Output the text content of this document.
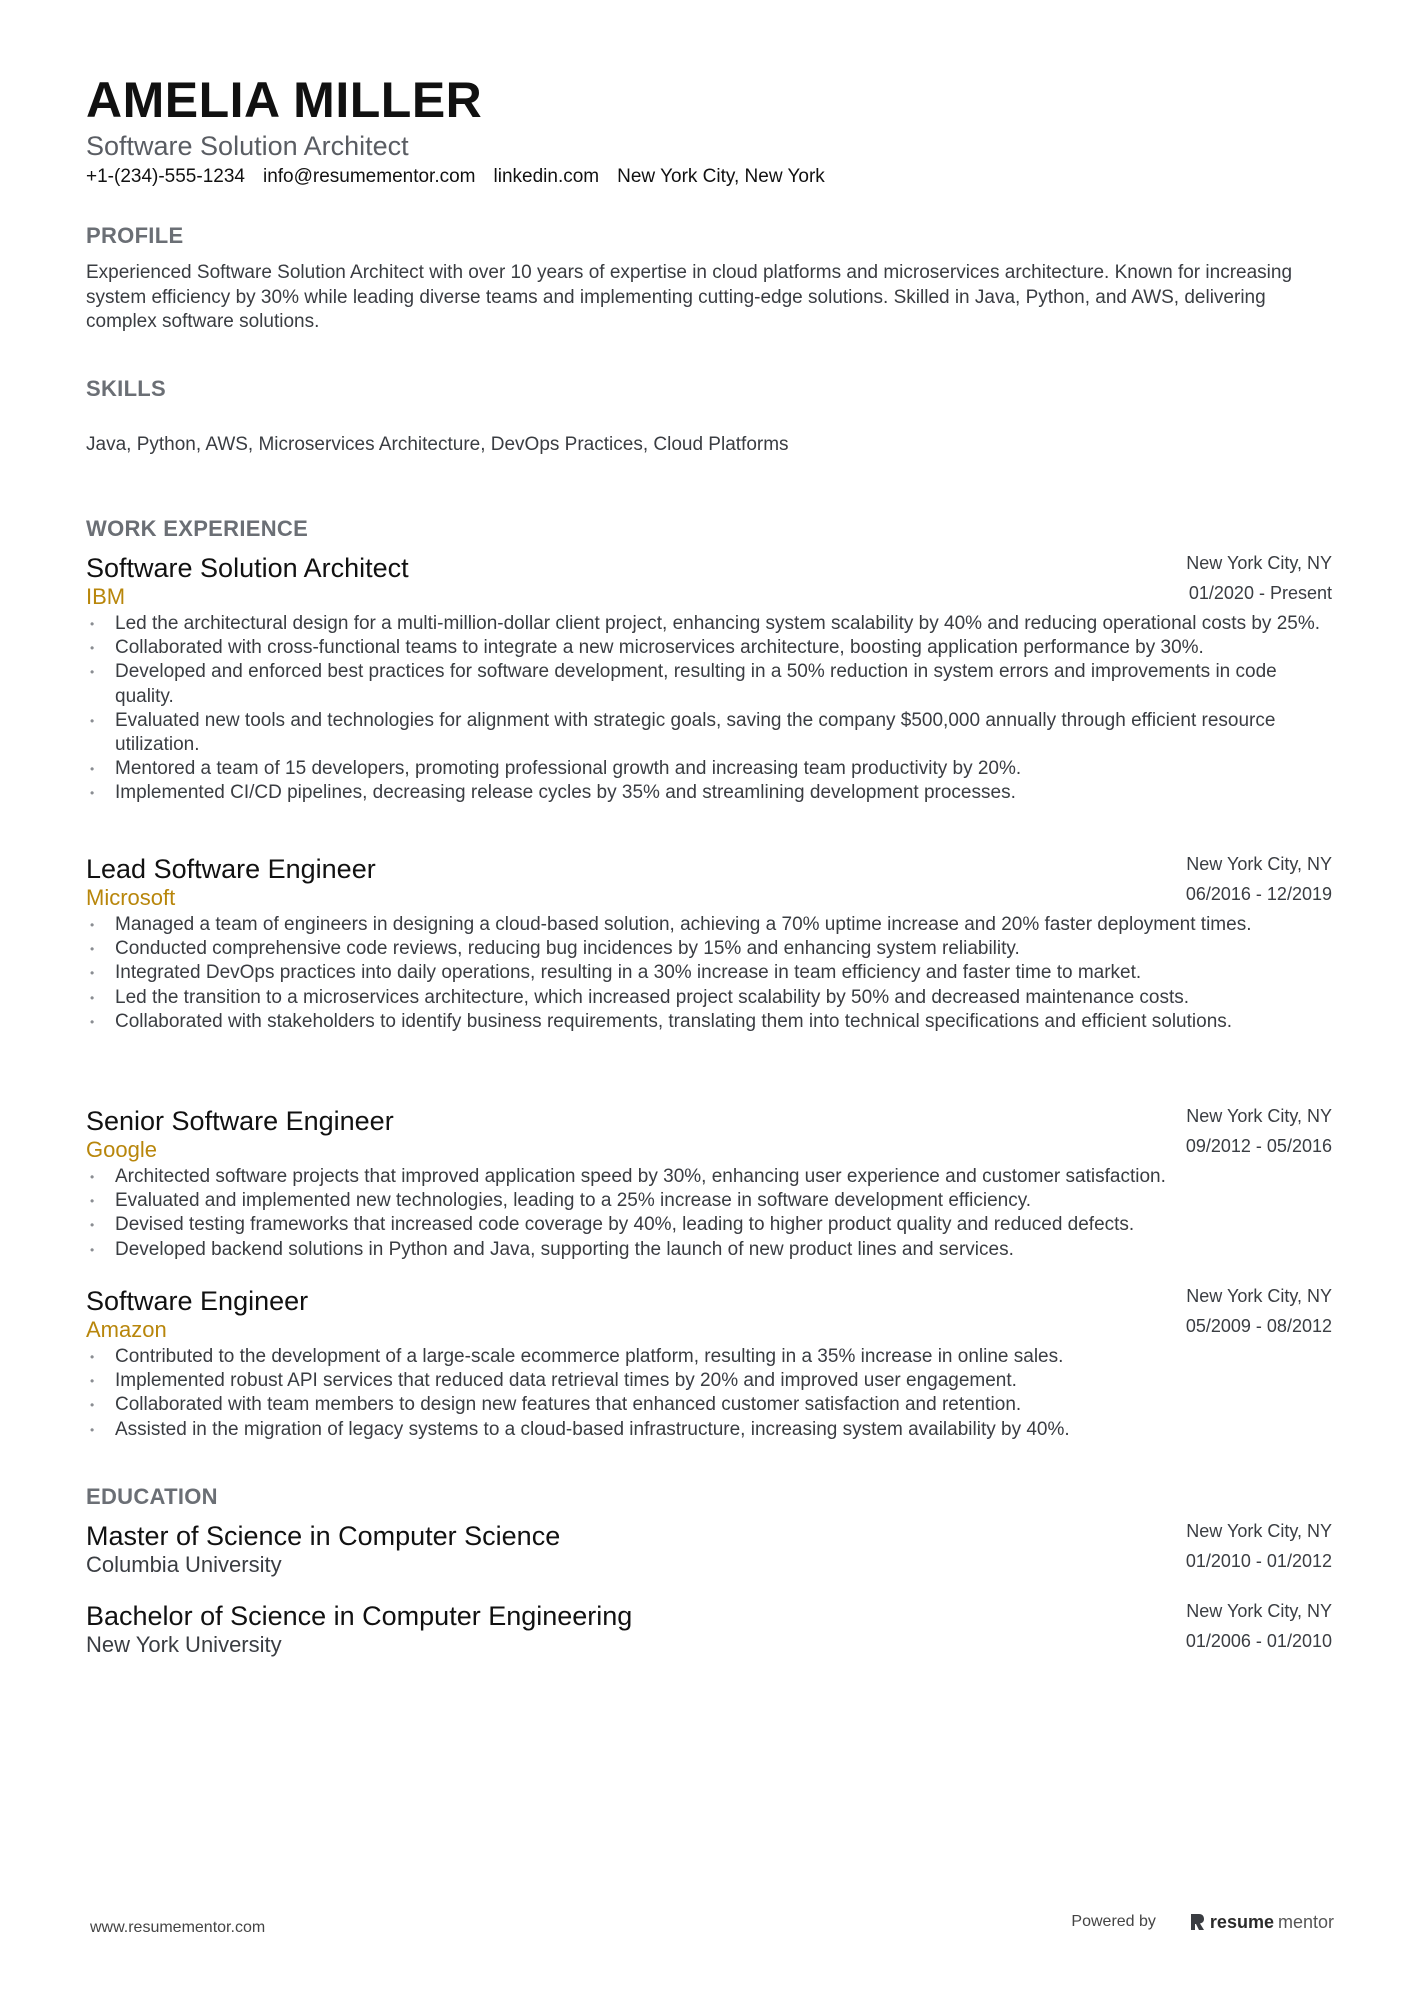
AMELIA MILLER
Software Solution Architect
+1-(234)-555-1234 info@resumementor.com linkedin.com New York City, New York
PROFILE

Experienced Software Solution Architect with over 10 years of expertise in cloud platforms and microservices architecture. Known for increasing system efficiency by 30% while leading diverse teams and implementing cutting-edge solutions. Skilled in Java, Python, and AWS, delivering complex software solutions.

SKILLS

Java, Python, AWS, Microservices Architecture, DevOps Practices, Cloud Platforms

WORK EXPERIENCE
Software Solution Architect
IBM
New York City, NY
01/2020 - Present
• Led the architectural design for a multi-million-dollar client project, enhancing system scalability by 40% and reducing operational costs by 25%.
• Collaborated with cross-functional teams to integrate a new microservices architecture, boosting application performance by 30%.
• Developed and enforced best practices for software development, resulting in a 50% reduction in system errors and improvements in code quality.
• Evaluated new tools and technologies for alignment with strategic goals, saving the company $500,000 annually through efficient resource utilization.
• Mentored a team of 15 developers, promoting professional growth and increasing team productivity by 20%.
• Implemented CI/CD pipelines, decreasing release cycles by 35% and streamlining development processes.
Lead Software Engineer
Microsoft
New York City, NY
06/2016 - 12/2019
• Managed a team of engineers in designing a cloud-based solution, achieving a 70% uptime increase and 20% faster deployment times.
• Conducted comprehensive code reviews, reducing bug incidences by 15% and enhancing system reliability.
• Integrated DevOps practices into daily operations, resulting in a 30% increase in team efficiency and faster time to market.
• Led the transition to a microservices architecture, which increased project scalability by 50% and decreased maintenance costs.
• Collaborated with stakeholders to identify business requirements, translating them into technical specifications and efficient solutions.
Senior Software Engineer
Google
New York City, NY
09/2012 - 05/2016
• Architected software projects that improved application speed by 30%, enhancing user experience and customer satisfaction.
• Evaluated and implemented new technologies, leading to a 25% increase in software development efficiency.
• Devised testing frameworks that increased code coverage by 40%, leading to higher product quality and reduced defects.
• Developed backend solutions in Python and Java, supporting the launch of new product lines and services.
Software Engineer
Amazon
New York City, NY
05/2009 - 08/2012
• Contributed to the development of a large-scale ecommerce platform, resulting in a 35% increase in online sales.
• Implemented robust API services that reduced data retrieval times by 20% and improved user engagement.
• Collaborated with team members to design new features that enhanced customer satisfaction and retention.
• Assisted in the migration of legacy systems to a cloud-based infrastructure, increasing system availability by 40%.
EDUCATION
Master of Science in Computer Science
Columbia University
New York City, NY
01/2010 - 01/2012
Bachelor of Science in Computer Engineering
New York University
New York City, NY
01/2006 - 01/2010
www.resumementor.com	Powered by	resume mentor
